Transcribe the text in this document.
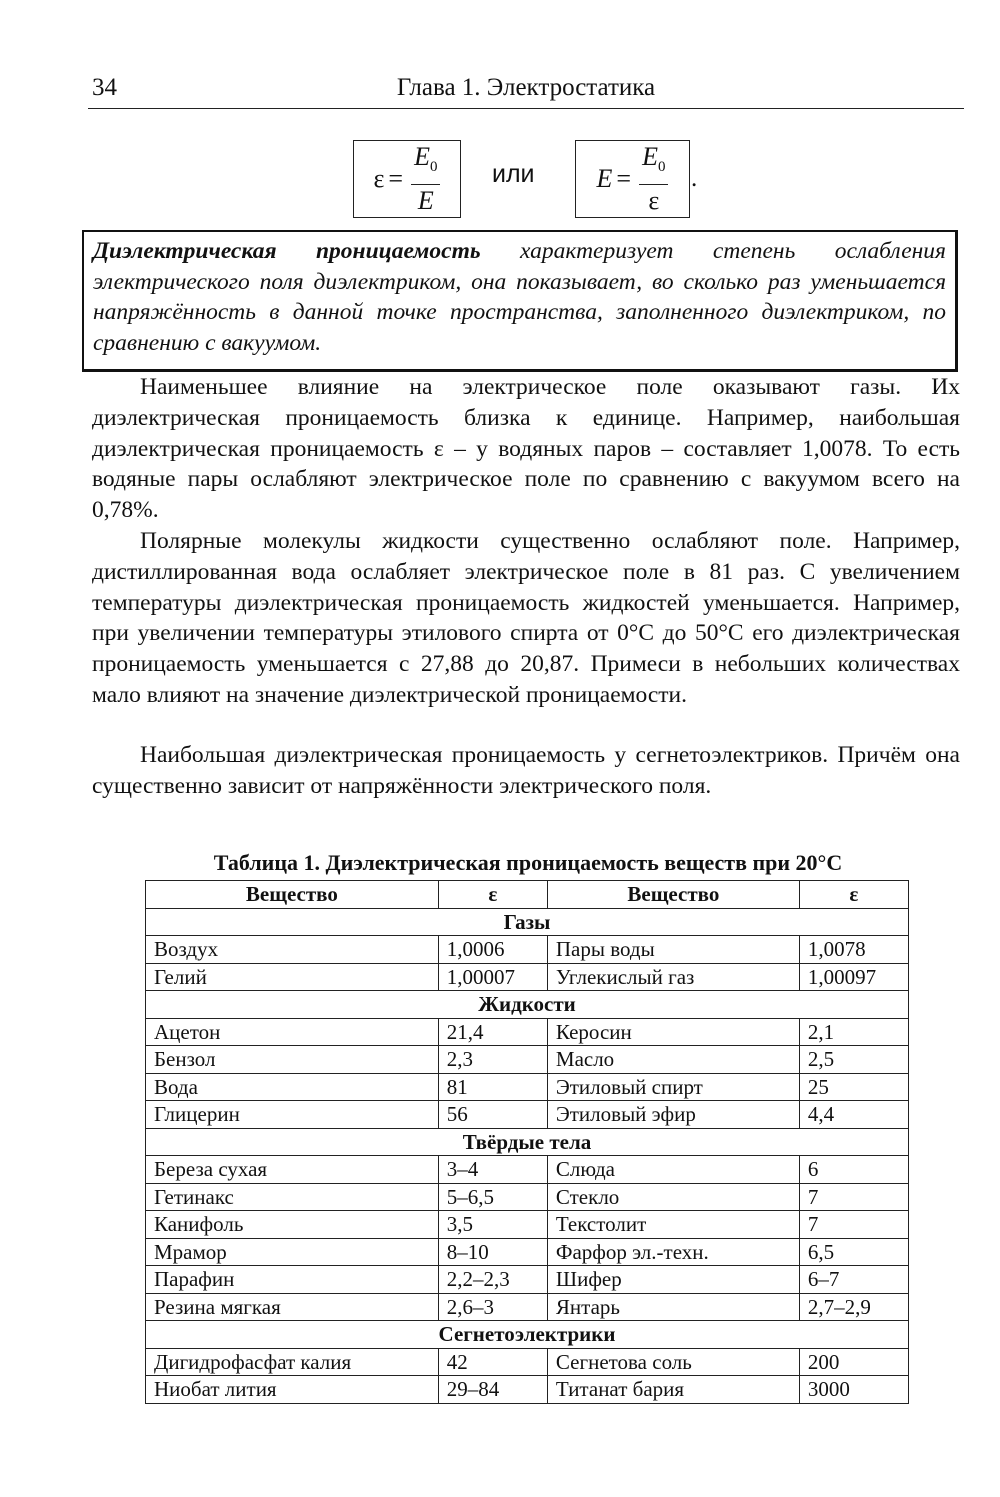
34	Глава 1. Электростатика
$\varepsilon = \frac{E_0}{E}$ или $E = \frac{E_0}{\varepsilon}$ .
Диэлектрическая проницаемость характеризует степень ослабления электрического поля диэлектриком, она показывает, во сколько раз уменьшается напряжённость в данной точке пространства, заполненного диэлектриком, по сравнению с вакуумом.

Наименьшее влияние на электрическое поле оказывают газы. Их диэлектрическая проницаемость близка к единице. Например, наибольшая диэлектрическая проницаемость ε – у водяных паров – составляет 1,0078. То есть водяные пары ослабляют электрическое поле по сравнению с вакуумом всего на 0,78%.

Полярные молекулы жидкости существенно ослабляют поле. Например, дистиллированная вода ослабляет электрическое поле в 81 раз. С увеличением температуры диэлектрическая проницаемость жидкостей уменьшается. Например, при увеличении температуры этилового спирта от 0°С до 50°С его диэлектрическая проницаемость уменьшается с 27,88 до 20,87. Примеси в небольших количествах мало влияют на значение диэлектрической проницаемости.

Наибольшая диэлектрическая проницаемость у сегнетоэлектриков. Причём она существенно зависит от напряжённости электрического поля.

Таблица 1. Диэлектрическая проницаемость веществ при 20°С
Вещество	ε	Вещество	ε
Газы			
Воздух	1,0006	Пары воды	1,0078
Гелий	1,00007	Углекислый газ	1,00097
Жидкости			
Ацетон	21,4	Керосин	2,1
Бензол	2,3	Масло	2,5
Вода	81	Этиловый спирт	25
Глицерин	56	Этиловый эфир	4,4
Твёрдые тела			
Береза сухая	3–4	Слюда	6
Гетинакс	5–6,5	Стекло	7
Канифоль	3,5	Текстолит	7
Мрамор	8–10	Фарфор эл.-техн.	6,5
Парафин	2,2–2,3	Шифер	6–7
Резина мягкая	2,6–3	Янтарь	2,7–2,9
Сегнетоэлектрики			
Дигидрофасфат калия	42	Сегнетова соль	200
Ниобат лития	29–84	Титанат бария	3000
